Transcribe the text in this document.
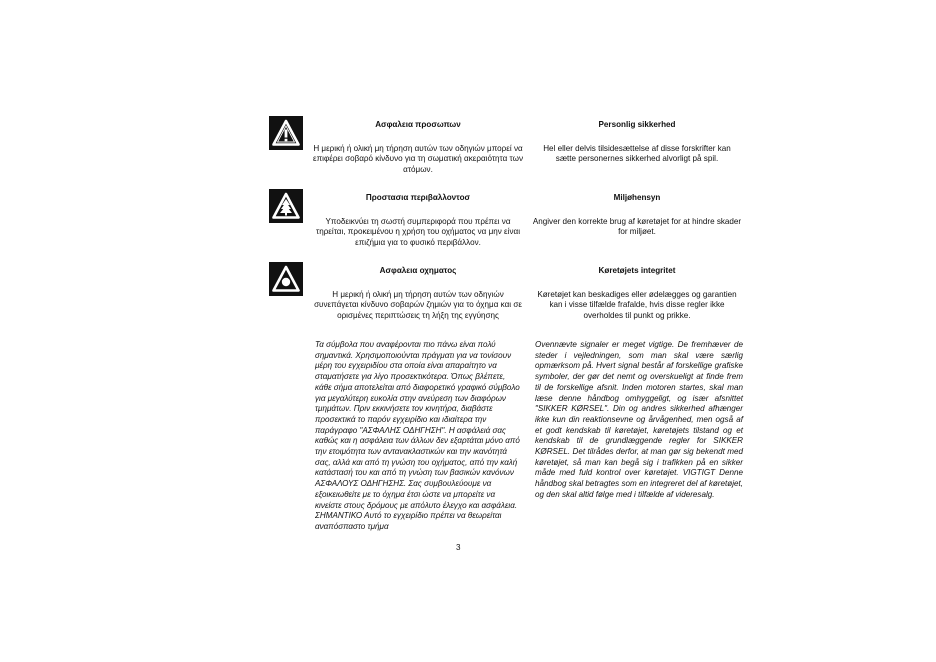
Ασφαλεια προσωπων

Η μερική ή ολική μη τήρηση αυτών των οδηγιών μπορεί να επιφέρει σοβαρό κίνδυνο για τη σωματική ακεραιότητα των ατόμων.

Personlig sikkerhed

Hel eller delvis tilsidesættelse af disse forskrifter kan sætte personernes sikkerhed alvorligt på spil.

Προστασια περιβαλλοντοσ

Υποδεικνύει τη σωστή συμπεριφορά που πρέπει να τηρείται, προκειμένου η χρήση του οχήματος να μην είναι επιζήμια για το φυσικό περιβάλλον.

Miljøhensyn

Angiver den korrekte brug af køretøjet for at hindre skader for miljøet.

Ασφαλεια οχηματος

Η μερική ή ολική μη τήρηση αυτών των οδηγιών συνεπάγεται κίνδυνο σοβαρών ζημιών για το όχημα και σε ορισμένες περιπτώσεις τη λήξη της εγγύησης

Køretøjets integritet

Køretøjet kan beskadiges eller ødelægges og garantien kan i visse tilfælde frafalde, hvis disse regler ikke overholdes til punkt og prikke.

Τα σύμβολα που αναφέρονται πιο πάνω είναι πολύ σημαντικά. Χρησιμοποιούνται πράγματι για να τονίσουν μέρη του εγχειριδίου στα οποία είναι απαραίτητο να σταματήσετε για λίγο προσεκτικότερα. Όπως βλέπετε, κάθε σήμα αποτελείται από διαφορετικό γραφικό σύμβολο για μεγαλύτερη ευκολία στην ανεύρεση των διαφόρων τμημάτων. Πριν εκκινήσετε τον κινητήρα, διαβάστε προσεκτικά το παρόν εγχειρίδιο και ιδιαίτερα την παράγραφο "ΑΣΦΑΛΗΣ ΟΔΗΓΗΣΗ". Η ασφάλειά σας καθώς και η ασφάλεια των άλλων δεν εξαρτάται μόνο από την ετοιμότητα των αντανακλαστικών και την ικανότητά σας, αλλά και από τη γνώση του οχήματος, από την καλή κατάστασή του και από τη γνώση των βασικών κανόνων ΑΣΦΑΛΟΥΣ ΟΔΗΓΗΣΗΣ. Σας συμβουλεύουμε να εξοικειωθείτε με το όχημα έτσι ώστε να μπορείτε να κινείστε στους δρόμους με απόλυτο έλεγχο και ασφάλεια. ΣΗΜΑΝΤΙΚΟ Αυτό το εγχειρίδιο πρέπει να θεωρείται αναπόσπαστο τμήμα
Ovennævte signaler er meget vigtige. De fremhæver de steder i vejledningen, som man skal være særlig opmærksom på. Hvert signal består af forskellige grafiske symboler, der gør det nemt og overskueligt at finde frem til de forskellige afsnit. Inden motoren startes, skal man læse denne håndbog omhyggeligt, og især afsnittet "SIKKER KØRSEL". Din og andres sikkerhed afhænger ikke kun din reaktionsevne og årvågenhed, men også af et godt kendskab til køretøjet, køretøjets tilstand og et kendskab til de grundlæggende regler for SIKKER KØRSEL. Det tilrådes derfor, at man gør sig bekendt med køretøjet, så man kan begå sig i trafikken på en sikker måde med fuld kontrol over køretøjet. VIGTIGT Denne håndbog skal betragtes som en integreret del af køretøjet, og den skal altid følge med i tilfælde af videresalg.
3
